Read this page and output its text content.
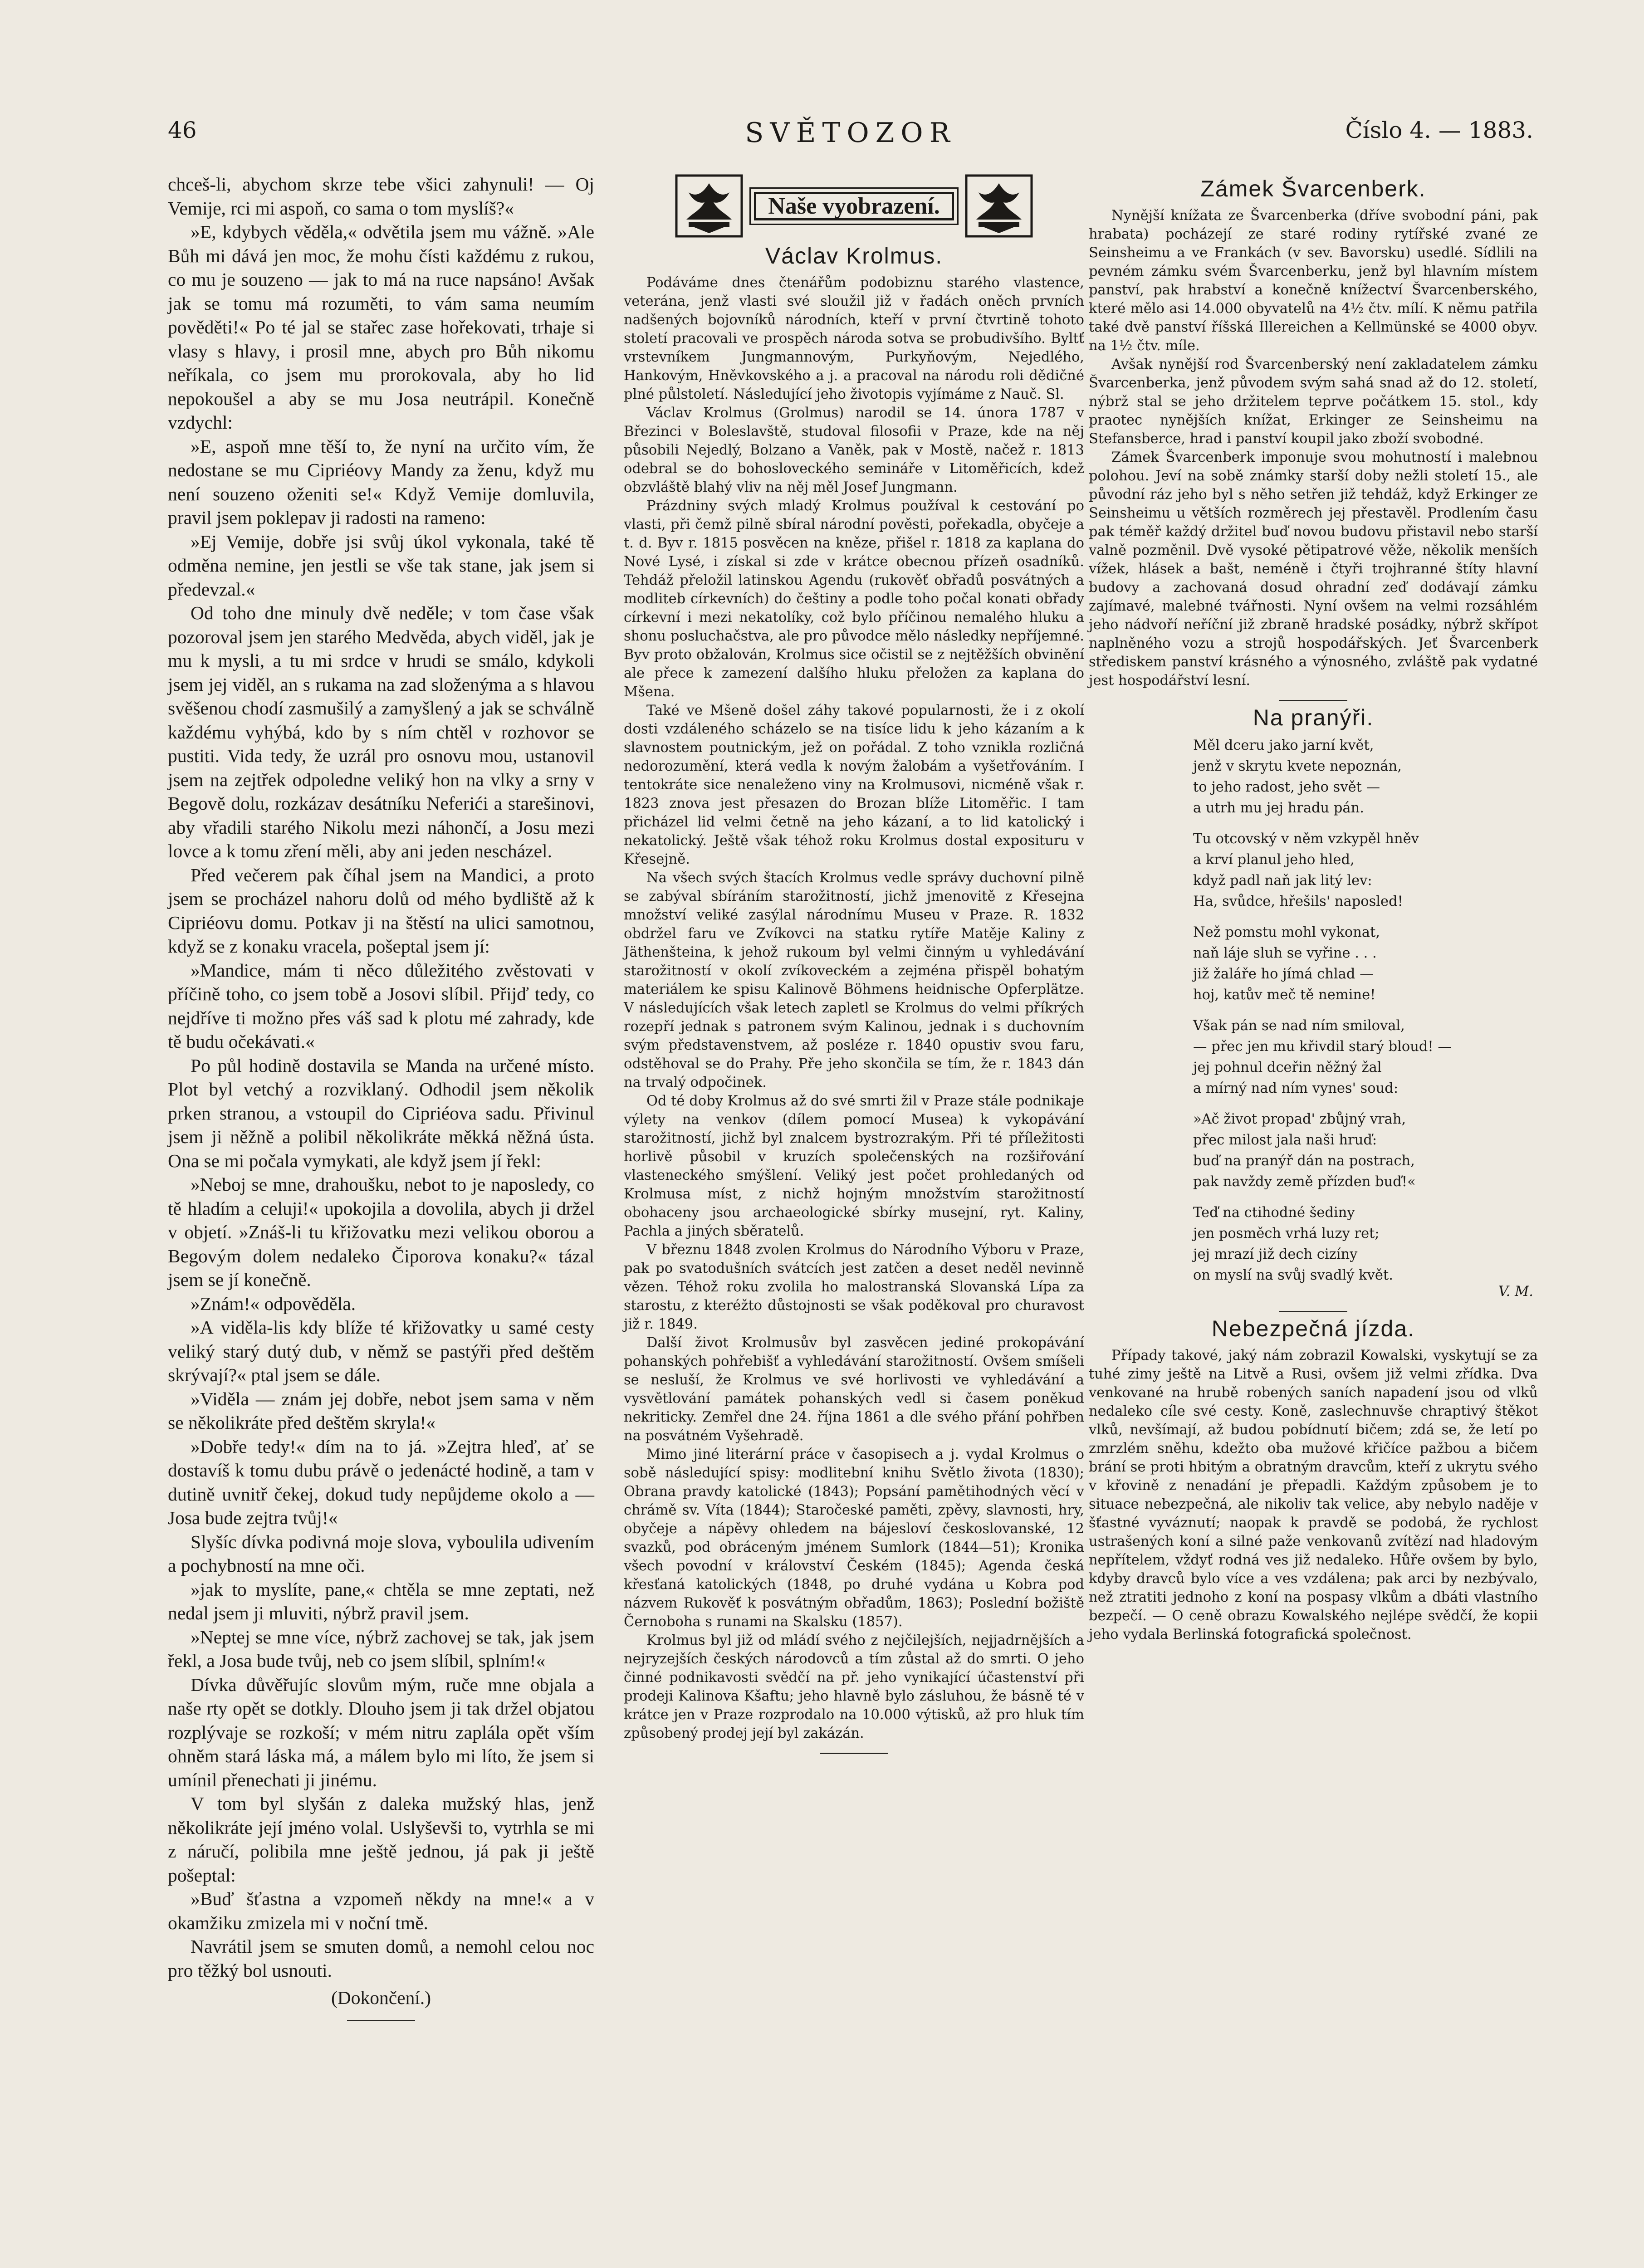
SVĚTOZOR
46	Číslo 4. — 1883.

chceš-li, abychom skrze tebe všici zahynuli! — Oj Vemije, rci mi aspoň, co sama o tom myslíš?«

»E, kdybych věděla,« odvětila jsem mu vážně. »Ale Bůh mi dává jen moc, že mohu čísti každému z rukou, co mu je souzeno — jak to má na ruce napsáno! Avšak jak se tomu má rozuměti, to vám sama neumím pověděti!« Po té jal se stařec zase hořekovati, trhaje si vlasy s hlavy, i prosil mne, abych pro Bůh nikomu neříkala, co jsem mu prorokovala, aby ho lid nepokoušel a aby se mu Josa neutrápil. Konečně vzdychl:

»E, aspoň mne těší to, že nyní na určito vím, že nedostane se mu Cipriéovy Mandy za ženu, když mu není souzeno oženiti se!« Když Vemije domluvila, pravil jsem poklepav ji radosti na rameno:

»Ej Vemije, dobře jsi svůj úkol vykonala, také tě odměna nemine, jen jestli se vše tak stane, jak jsem si předevzal.«

Od toho dne minuly dvě neděle; v tom čase však pozoroval jsem jen starého Medvěda, abych viděl, jak je mu k mysli, a tu mi srdce v hrudi se smálo, kdykoli jsem jej viděl, an s rukama na zad složenýma a s hlavou svěšenou chodí zasmušilý a zamyšlený a jak se schválně každému vyhýbá, kdo by s ním chtěl v rozhovor se pustiti. Vida tedy, že uzrál pro osnovu mou, ustanovil jsem na zejtřek odpoledne veliký hon na vlky a srny v Begově dolu, rozkázav desátníku Neferići a starešinovi, aby vřadili starého Nikolu mezi náhončí, a Josu mezi lovce a k tomu zření měli, aby ani jeden nescházel.

Před večerem pak číhal jsem na Mandici, a proto jsem se procházel nahoru dolů od mého bydliště až k Cipriéovu domu. Potkav ji na štěstí na ulici samotnou, když se z konaku vracela, pošeptal jsem jí:

»Mandice, mám ti něco důležitého zvěstovati v příčině toho, co jsem tobě a Josovi slíbil. Přijď tedy, co nejdříve ti možno přes váš sad k plotu mé zahrady, kde tě budu očekávati.«

Po půl hodině dostavila se Manda na určené místo. Plot byl vetchý a rozviklaný. Odhodil jsem několik prken stranou, a vstoupil do Cipriéova sadu. Přivinul jsem ji něžně a polibil několikráte měkká něžná ústa. Ona se mi počala vymykati, ale když jsem jí řekl:

»Neboj se mne, drahoušku, nebot to je naposledy, co tě hladím a celuji!« upokojila a dovolila, abych ji držel v objetí. »Znáš-li tu křižovatku mezi velikou oborou a Begovým dolem nedaleko Čiporova konaku?« tázal jsem se jí konečně.

»Znám!« odpověděla.

»A viděla-lis kdy blíže té křižovatky u samé cesty veliký starý dutý dub, v němž se pastýři před deštěm skrývají?« ptal jsem se dále.

»Viděla — znám jej dobře, nebot jsem sama v něm se několikráte před deštěm skryla!«

»Dobře tedy!« dím na to já. »Zejtra hleď, ať se dostavíš k tomu dubu právě o jedenácté hodině, a tam v dutině uvnitř čekej, dokud tudy nepůjdeme okolo a — Josa bude zejtra tvůj!«

Slyšíc dívka podivná moje slova, vyboulila udivením a pochybností na mne oči.

»jak to myslíte, pane,« chtěla se mne zeptati, než nedal jsem ji mluviti, nýbrž pravil jsem.

»Neptej se mne více, nýbrž zachovej se tak, jak jsem řekl, a Josa bude tvůj, neb co jsem slíbil, splním!«

Dívka důvěřujíc slovům mým, ruče mne objala a naše rty opět se dotkly. Dlouho jsem ji tak držel objatou rozplývaje se rozkoší; v mém nitru zaplála opět vším ohněm stará láska má, a málem bylo mi líto, že jsem si umínil přenechati ji jinému.

V tom byl slyšán z daleka mužský hlas, jenž několikráte její jméno volal. Uslyševši to, vytrhla se mi z náručí, polibila mne ještě jednou, já pak ji ještě pošeptal:

»Buď šťastna a vzpomeň někdy na mne!« a v okamžiku zmizela mi v noční tmě.

Navrátil jsem se smuten domů, a nemohl celou noc pro těžký bol usnouti.

(Dokončení.)
Naše vyobrazení.
Václav Krolmus.

Podáváme dnes čtenářům podobiznu starého vlastence, veterána, jenž vlasti své sloužil již v řadách oněch prvních nadšených bojovníků národních, kteří v první čtvrtině tohoto století pracovali ve prospěch národa sotva se probudivšího. Byltť vrstevníkem Jungmannovým, Purkyňovým, Nejedlého, Hankovým, Hněvkovského a j. a pracoval na národu roli dědičné plné půlstoletí. Následující jeho životopis vyjímáme z Nauč. Sl.

Václav Krolmus (Grolmus) narodil se 14. února 1787 v Březinci v Boleslavště, studoval filosofii v Praze, kde na něj působili Nejedlý, Bolzano a Vaněk, pak v Mostě, načež r. 1813 odebral se do bohosloveckého semináře v Litoměřicích, kdež obzvláště blahý vliv na něj měl Josef Jungmann.

Prázdniny svých mladý Krolmus používal k cestování po vlasti, při čemž pilně sbíral národní pověsti, pořekadla, obyčeje a t. d. Byv r. 1815 posvěcen na kněze, přišel r. 1818 za kaplana do Nové Lysé, i získal si zde v krátce obecnou přízeň osadníků. Tehdáž přeložil latinskou Agendu (rukověť obřadů posvátných a modliteb církevních) do češtiny a podle toho počal konati obřady církevní i mezi nekatolíky, což bylo příčinou nemalého hluku a shonu posluchačstva, ale pro původce mělo následky nepříjemné. Byv proto obžalován, Krolmus sice očistil se z nejtěžších obvinění ale přece k zamezení dalšího hluku přeložen za kaplana do Mšena.

Také ve Mšeně došel záhy takové popularnosti, že i z okolí dosti vzdáleného scházelo se na tisíce lidu k jeho kázaním a k slavnostem poutnickým, jež on pořádal. Z toho vznikla rozličná nedorozumění, která vedla k novým žalobám a vyšetřováním. I tentokráte sice nenaleženo viny na Krolmusovi, nicméně však r. 1823 znova jest přesazen do Brozan blíže Litoměřic. I tam přicházel lid velmi četně na jeho kázaní, a to lid katolický i nekatolický. Ještě však téhož roku Krolmus dostal exposituru v Křesejně.

Na všech svých štacích Krolmus vedle správy duchovní pilně se zabýval sbíráním starožitností, jichž jmenovitě z Křesejna množství veliké zasýlal národnímu Museu v Praze. R. 1832 obdržel faru ve Zvíkovci na statku rytíře Matěje Kaliny z Jäthenšteina, k jehož rukoum byl velmi činným u vyhledávání starožitností v okolí zvíkoveckém a zejména přispěl bohatým materiálem ke spisu Kalinově Böhmens heidnische Opferplätze. V následujících však letech zapletl se Krolmus do velmi příkrých rozepří jednak s patronem svým Kalinou, jednak i s duchovním svým představenstvem, až posléze r. 1840 opustiv svou faru, odstěhoval se do Prahy. Pře jeho skončila se tím, že r. 1843 dán na trvalý odpočinek.

Od té doby Krolmus až do své smrti žil v Praze stále podnikaje výlety na venkov (dílem pomocí Musea) k vykopávání starožitností, jichž byl znalcem bystrozrakým. Při té příležitosti horlivě působil v kruzích společenských na rozšiřování vlasteneckého smýšlení. Veliký jest počet prohledaných od Krolmusa míst, z nichž hojným množstvím starožitností obohaceny jsou archaeologické sbírky musejní, ryt. Kaliny, Pachla a jiných sběratelů.

V březnu 1848 zvolen Krolmus do Národního Výboru v Praze, pak po svatodušních svátcích jest zatčen a deset neděl nevinně vězen. Téhož roku zvolila ho malostranská Slovanská Lípa za starostu, z kteréžto důstojnosti se však poděkoval pro churavost již r. 1849.

Další život Krolmusův byl zasvěcen jediné prokopávání pohanských pohřebišť a vyhledávání starožitností. Ovšem smíšeli se nesluší, že Krolmus ve své horlivosti ve vyhledávání a vysvětlování památek pohanských vedl si časem poněkud nekriticky. Zemřel dne 24. října 1861 a dle svého přání pohřben na posvátném Vyšehradě.

Mimo jiné literární práce v časopisech a j. vydal Krolmus o sobě následující spisy: modlitební knihu Světlo života (1830); Obrana pravdy katolické (1843); Popsání pamětihodných věcí v chrámě sv. Víta (1844); Staročeské paměti, zpěvy, slavnosti, hry, obyčeje a nápěvy ohledem na bájesloví českoslovanské, 12 svazků, pod obráceným jménem Sumlork (1844—51); Kronika všech povodní v království Českém (1845); Agenda česká křesťaná katolických (1848, po druhé vydána u Kobra pod názvem Rukověť k posvátným obřadům, 1863); Poslední božiště Černoboha s runami na Skalsku (1857).

Krolmus byl již od mládí svého z nejčilejších, nejjadrnějších a nejryzejších českých národovců a tím zůstal až do smrti. O jeho činné podnikavosti svědčí na př. jeho vynikající účastenství při prodeji Kalinova Kšaftu; jeho hlavně bylo zásluhou, že básně té v krátce jen v Praze rozprodalo na 10.000 výtisků, až pro hluk tím způsobený prodej její byl zakázán.

Zámek Švarcenberk.

Nynější knížata ze Švarcenberka (dříve svobodní páni, pak hrabata) pocházejí ze staré rodiny rytířské zvané ze Seinsheimu a ve Frankách (v sev. Bavorsku) usedlé. Sídlili na pevném zámku svém Švarcenberku, jenž byl hlavním místem panství, pak hrabství a konečně knížectví Švarcenberského, které mělo asi 14.000 obyvatelů na 4½ čtv. mílí. K němu patřila také dvě panství říšská Illereichen a Kellmünské se 4000 obyv. na 1½ čtv. míle.

Avšak nynější rod Švarcenberský není zakladatelem zámku Švarcenberka, jenž původem svým sahá snad až do 12. století, nýbrž stal se jeho držitelem teprve počátkem 15. stol., kdy praotec nynějších knížat, Erkinger ze Seinsheimu na Stefansberce, hrad i panství koupil jako zboží svobodné.

Zámek Švarcenberk imponuje svou mohutností i malebnou polohou. Jeví na sobě známky starší doby nežli století 15., ale původní ráz jeho byl s něho setřen již tehdáž, když Erkinger ze Seinsheimu u větších rozměrech jej přestavěl. Prodlením času pak téměř každý držitel buď novou budovu přistavil nebo starší valně pozměnil. Dvě vysoké pětipatrové věže, několik menších vížek, hlásek a bašt, neméně i čtyři trojhranné štíty hlavní budovy a zachovaná dosud ohradní zeď dodávají zámku zajímavé, malebné tvářnosti. Nyní ovšem na velmi rozsáhlém jeho nádvoří neříční již zbraně hradské posádky, nýbrž skřípot naplněného vozu a strojů hospodářských. Jeť Švarcenberk střediskem panství krásného a výnosného, zvláště pak vydatné jest hospodářství lesní.

Na pranýři.
Měl dceru jako jarní květ,
jenž v skrytu kvete nepoznán,
to jeho radost, jeho svět —
a utrh mu jej hradu pán.
Tu otcovský v něm vzkypěl hněv
a krví planul jeho hled,
když padl naň jak litý lev:
Ha, svůdce, hřešils' naposled!
Než pomstu mohl vykonat,
naň láje sluh se vyřine . . .
již žaláře ho jímá chlad —
hoj, katův meč tě nemine!
Však pán se nad ním smiloval,
— přec jen mu křivdil starý bloud! —
jej pohnul dceřin něžný žal
a mírný nad ním vynes' soud:
»Ač život propad' zbůjný vrah,
přec milost jala naši hruď:
buď na pranýř dán na postrach,
pak navždy země přízden buď!«
Teď na ctihodné šediny
jen posměch vrhá luzy ret;
jej mrazí již dech cizíny
on myslí na svůj svadlý květ.
V. M.
Nebezpečná jízda.

Případy takové, jaký nám zobrazil Kowalski, vyskytují se za tuhé zimy ještě na Litvě a Rusi, ovšem již velmi zřídka. Dva venkované na hrubě robených saních napadení jsou od vlků nedaleko cíle své cesty. Koně, zaslechnuvše chraptivý štěkot vlků, nevšímají, až budou pobídnutí bičem; zdá se, že letí po zmrzlém sněhu, kdežto oba mužové křičíce pažbou a bičem brání se proti hbitým a obratným dravcům, kteří z ukrytu svého v křovině z nenadání je přepadli. Každým způsobem je to situace nebezpečná, ale nikoliv tak velice, aby nebylo naděje v šťastné vyváznutí; naopak k pravdě se podobá, že rychlost ustrašených koní a silné paže venkovanů zvítězí nad hladovým nepřítelem, vždyť rodná ves již nedaleko. Hůře ovšem by bylo, kdyby dravců bylo více a ves vzdálena; pak arci by nezbývalo, než ztratiti jednoho z koní na pospasy vlkům a dbáti vlastního bezpečí. — O ceně obrazu Kowalského nejlépe svědčí, že kopii jeho vydala Berlinská fotografická společnost.
